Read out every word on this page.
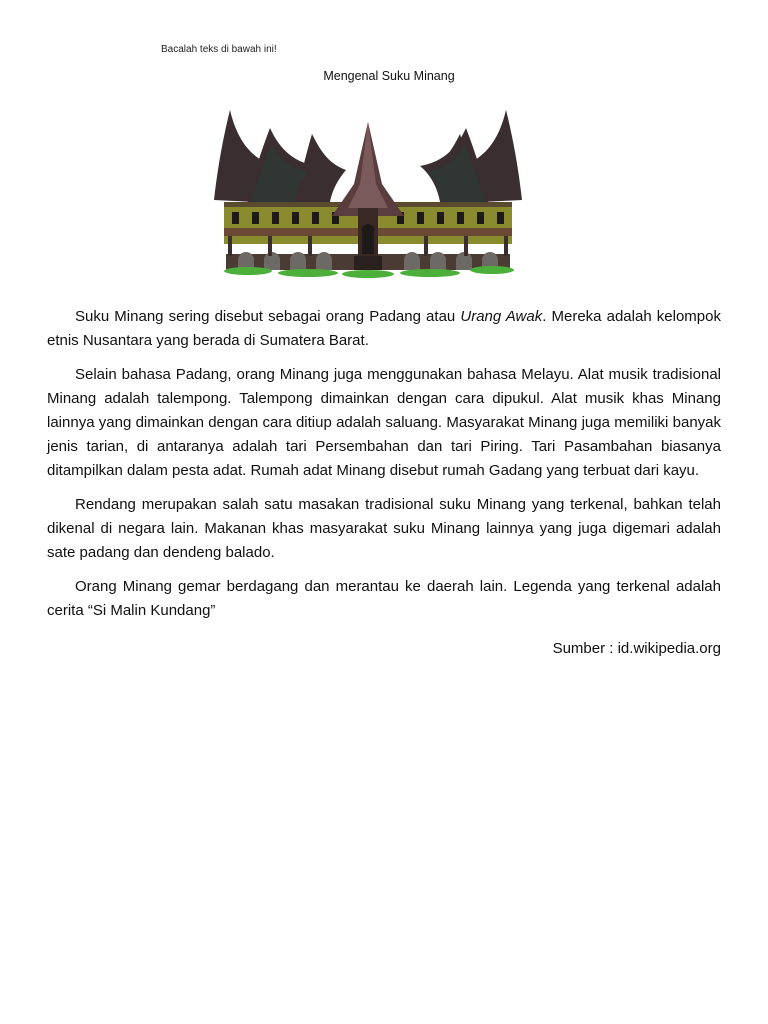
Bacalah teks di bawah ini!
Mengenal Suku Minang

Suku Minang sering disebut sebagai orang Padang atau Urang Awak. Mereka adalah kelompok etnis Nusantara yang berada di Sumatera Barat.

Selain bahasa Padang, orang Minang juga menggunakan bahasa Melayu. Alat musik tradisional Minang adalah talempong. Talempong dimainkan dengan cara dipukul. Alat musik khas Minang lainnya yang dimainkan dengan cara ditiup adalah saluang. Masyarakat Minang juga memiliki banyak jenis tarian, di antaranya adalah tari Persembahan dan tari Piring. Tari Pasambahan biasanya ditampilkan dalam pesta adat. Rumah adat Minang disebut rumah Gadang yang terbuat dari kayu.

Rendang merupakan salah satu masakan tradisional suku Minang yang terkenal, bahkan telah dikenal di negara lain. Makanan khas masyarakat suku Minang lainnya yang juga digemari adalah sate padang dan dendeng balado.

Orang Minang gemar berdagang dan merantau ke daerah lain. Legenda yang terkenal adalah cerita “Si Malin Kundang”

Sumber : id.wikipedia.org
